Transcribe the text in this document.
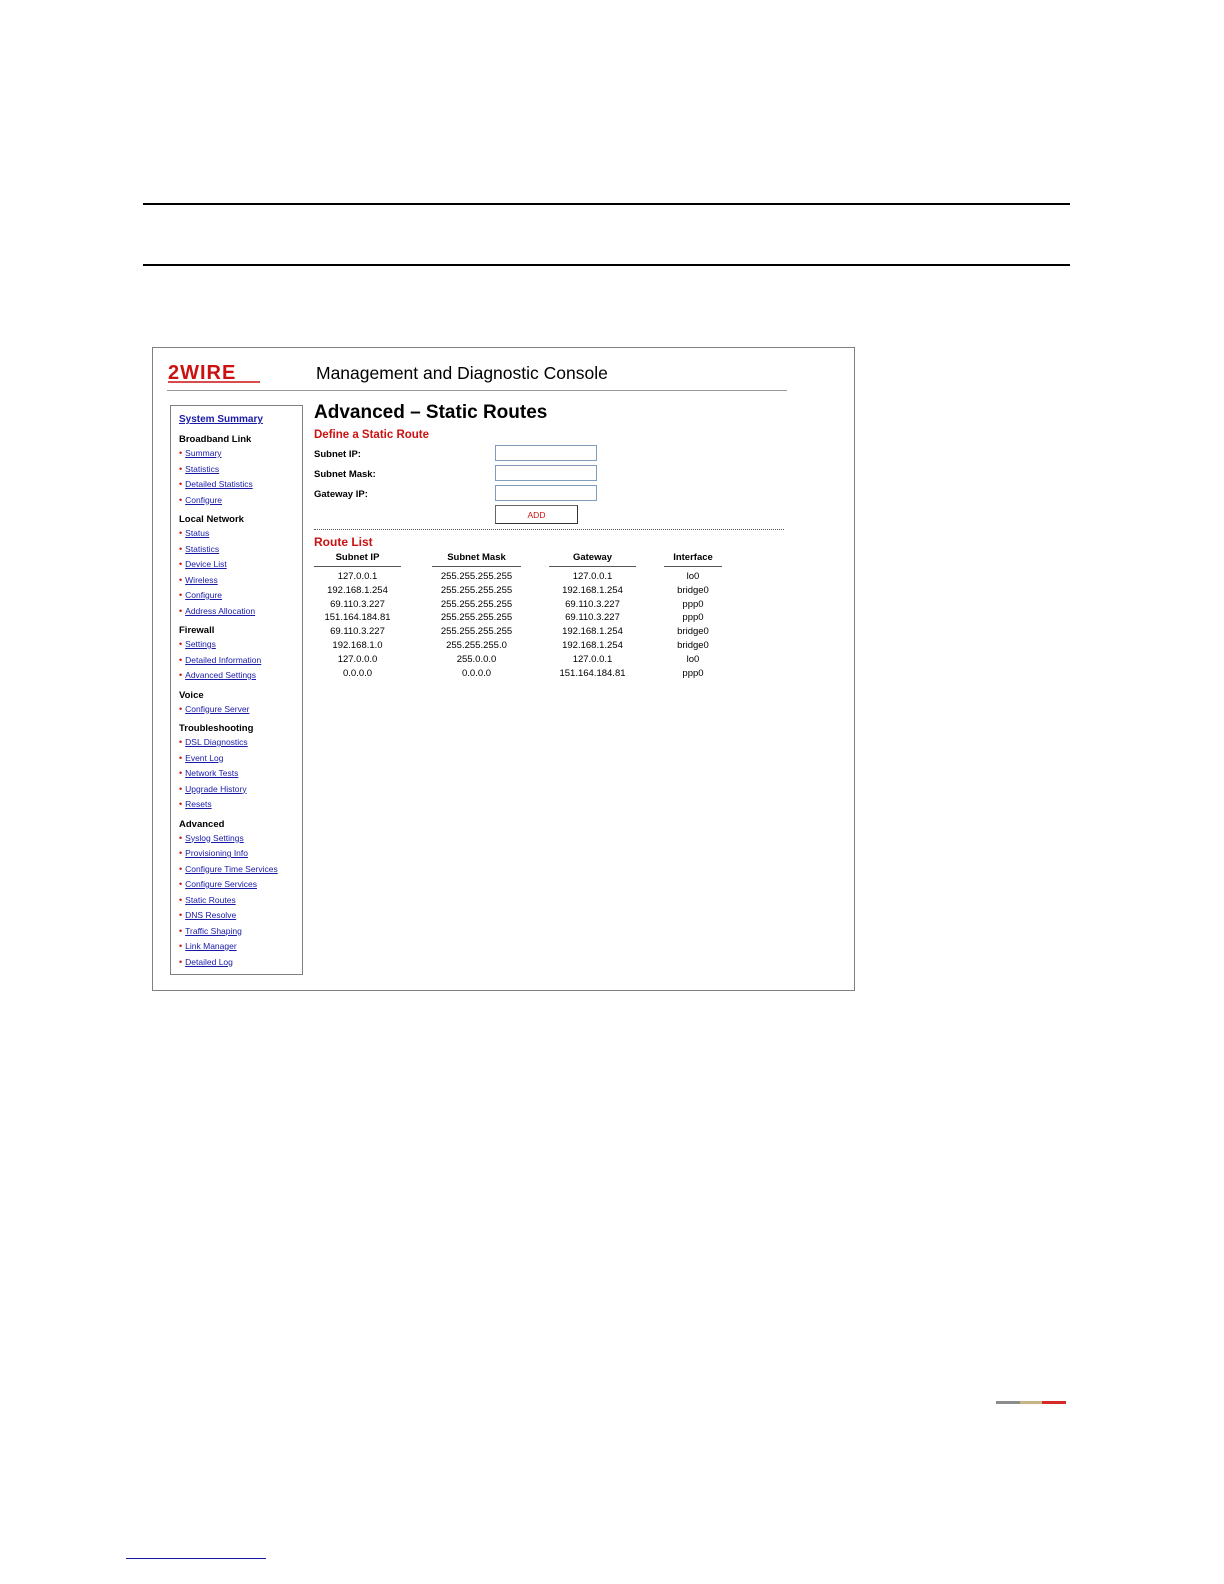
2WIRE	Management and Diagnostic Console
System Summary
Broadband Link
• Summary
• Statistics
• Detailed Statistics
• Configure
Local Network
• Status
• Statistics
• Device List
• Wireless
• Configure
• Address Allocation
Firewall
• Settings
• Detailed Information
• Advanced Settings
Voice
• Configure Server
Troubleshooting
• DSL Diagnostics
• Event Log
• Network Tests
• Upgrade History
• Resets
Advanced
• Syslog Settings
• Provisioning Info
• Configure Time Services
• Configure Services
• Static Routes
• DNS Resolve
• Traffic Shaping
• Link Manager
• Detailed Log
Advanced – Static Routes
Define a Static Route
Subnet IP:
Subnet Mask:
Gateway IP:
ADD
Route List
Subnet IP		Subnet Mask		Gateway		Interface
127.0.0.1		255.255.255.255		127.0.0.1		lo0
192.168.1.254		255.255.255.255		192.168.1.254		bridge0
69.110.3.227		255.255.255.255		69.110.3.227		ppp0
151.164.184.81		255.255.255.255		69.110.3.227		ppp0
69.110.3.227		255.255.255.255		192.168.1.254		bridge0
192.168.1.0		255.255.255.0		192.168.1.254		bridge0
127.0.0.0		255.0.0.0		127.0.0.1		lo0
0.0.0.0		0.0.0.0		151.164.184.81		ppp0
